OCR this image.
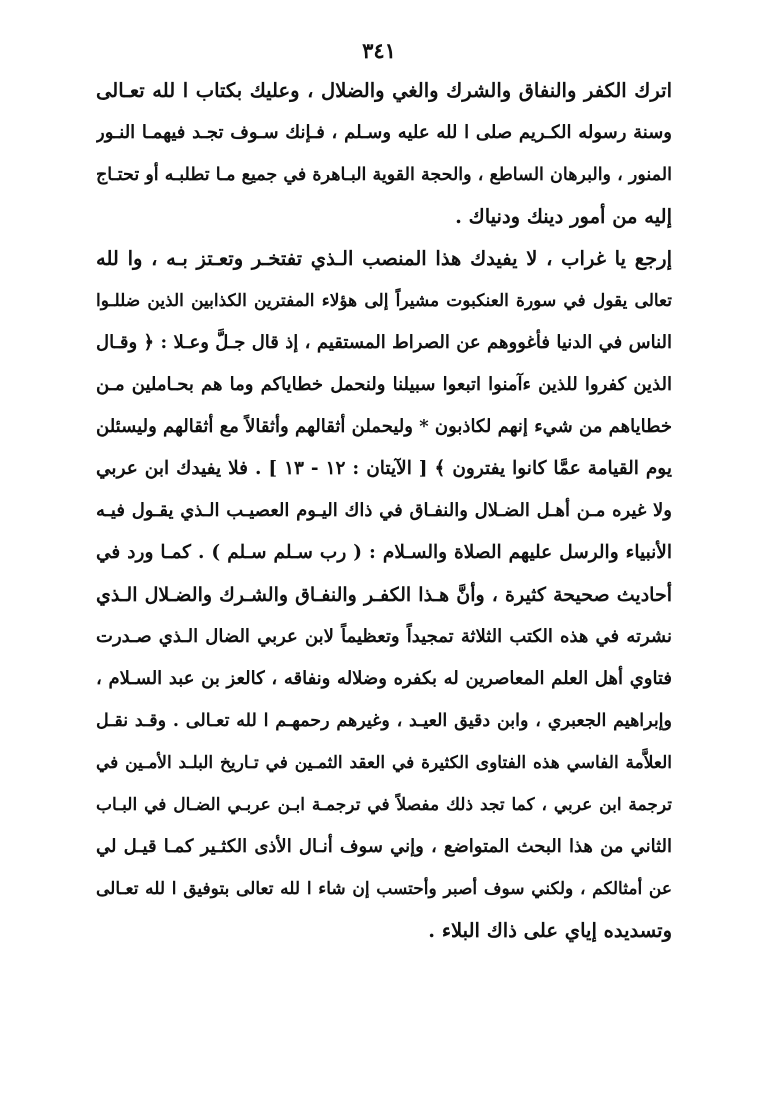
٣٤١
اترك الكفر والنفاق والشرك والغي والضلال ، وعليك بكتاب ا لله تعـالى
وسنة رسوله الكـريم صلى ا لله عليه وسـلم ، فـإنك سـوف تجـد فيهمـا النـور
المنور ، والبرهان الساطع ، والحجة القوية البـاهرة في جميع مـا تطلبـه أو تحتـاج
إليه من أمور دينك ودنياك .
إرجع يا غراب ، لا يفيدك هذا المنصب الـذي تفتخـر وتعـتز بـه ، وا لله
تعالى يقول في سورة العنكبوت مشيراً إلى هؤلاء المفترين الكذابين الذين ضللـوا
الناس في الدنيا فأغووهم عن الصراط المستقيم ، إذ قال جـلَّ وعـلا : ﴿ وقـال
الذين كفروا للذين ءآمنوا اتبعوا سبيلنا ولنحمل خطاياكم وما هم بحـاملين مـن
خطاياهم من شيء إنهم لكاذبون * وليحملن أثقالهم وأثقالاً مع أثقالهم وليسئلن
يوم القيامة عمَّا كانوا يفترون ﴾ [ الآيتان : ١٢ - ١٣ ] . فلا يفيدك ابن عربي
ولا غيره مـن أهـل الضـلال والنفـاق في ذاك اليـوم العصيـب الـذي يقـول فيـه
الأنبياء والرسل عليهم الصلاة والسـلام : ( رب سـلم سـلم ) . كمـا ورد في
أحاديث صحيحة كثيرة ، وأنَّ هـذا الكفـر والنفـاق والشـرك والضـلال الـذي
نشرته في هذه الكتب الثلاثة تمجيداً وتعظيماً لابن عربي الضال الـذي صـدرت
فتاوي أهل العلم المعاصرين له بكفره وضلاله ونفاقه ، كالعز بن عبد السـلام ،
وإبراهيم الجعبري ، وابن دقيق العيـد ، وغيرهم رحمهـم ا لله تعـالى . وقـد نقـل
العلاَّمة الفاسي هذه الفتاوى الكثيرة في العقد الثمـين في تـاريخ البلـد الأمـين في
ترجمة ابن عربي ، كما تجد ذلك مفصلاً في ترجمـة ابـن عربـي الضـال في البـاب
الثاني من هذا البحث المتواضع ، وإني سوف أنـال الأذى الكثـير كمـا قيـل لي
عن أمثالكم ، ولكني سوف أصبر وأحتسب إن شاء ا لله تعالى بتوفيق ا لله تعـالى
وتسديده إياي على ذاك البلاء .
